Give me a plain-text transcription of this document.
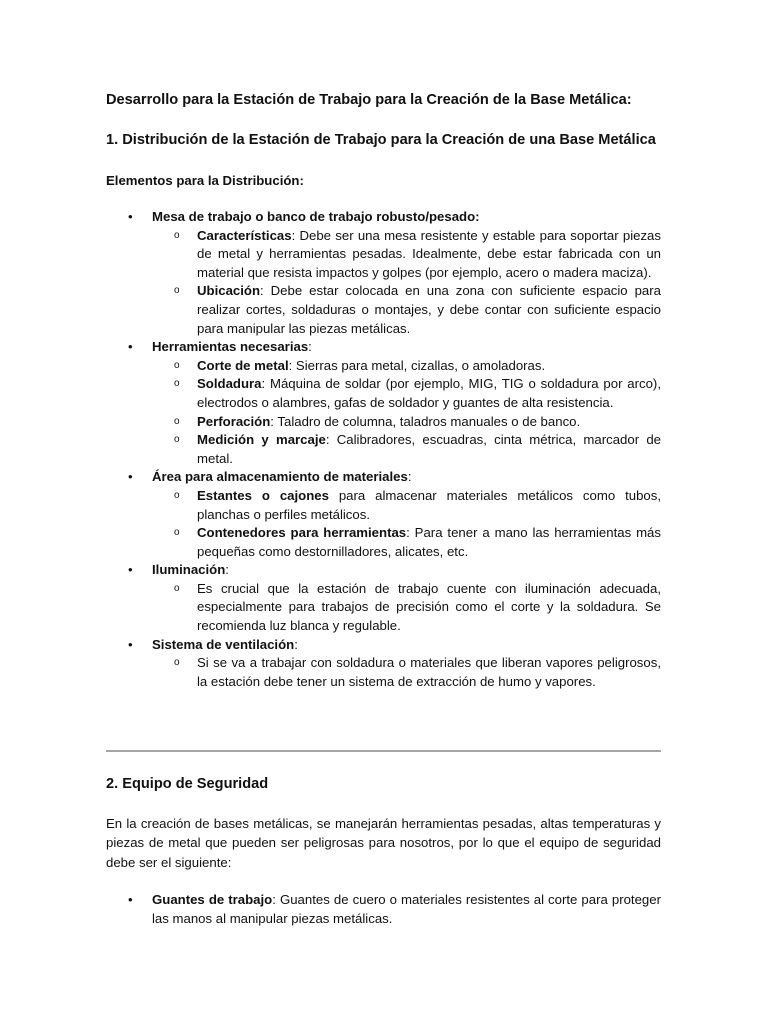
Desarrollo para la Estación de Trabajo para la Creación de la Base Metálica:

1. Distribución de la Estación de Trabajo para la Creación de una Base Metálica

Elementos para la Distribución:

• Mesa de trabajo o banco de trabajo robusto/pesado:
o Características: Debe ser una mesa resistente y estable para soportar piezas de metal y herramientas pesadas. Idealmente, debe estar fabricada con un material que resista impactos y golpes (por ejemplo, acero o madera maciza).
o Ubicación: Debe estar colocada en una zona con suficiente espacio para realizar cortes, soldaduras o montajes, y debe contar con suficiente espacio para manipular las piezas metálicas.
• Herramientas necesarias:
o Corte de metal: Sierras para metal, cizallas, o amoladoras.
o Soldadura: Máquina de soldar (por ejemplo, MIG, TIG o soldadura por arco), electrodos o alambres, gafas de soldador y guantes de alta resistencia.
o Perforación: Taladro de columna, taladros manuales o de banco.
o Medición y marcaje: Calibradores, escuadras, cinta métrica, marcador de metal.
• Área para almacenamiento de materiales:
o Estantes o cajones para almacenar materiales metálicos como tubos, planchas o perfiles metálicos.
o Contenedores para herramientas: Para tener a mano las herramientas más pequeñas como destornilladores, alicates, etc.
• Iluminación:
o Es crucial que la estación de trabajo cuente con iluminación adecuada, especialmente para trabajos de precisión como el corte y la soldadura. Se recomienda luz blanca y regulable.
• Sistema de ventilación:
o Si se va a trabajar con soldadura o materiales que liberan vapores peligrosos, la estación debe tener un sistema de extracción de humo y vapores.

2. Equipo de Seguridad

En la creación de bases metálicas, se manejarán herramientas pesadas, altas temperaturas y piezas de metal que pueden ser peligrosas para nosotros, por lo que el equipo de seguridad debe ser el siguiente:

• Guantes de trabajo: Guantes de cuero o materiales resistentes al corte para proteger las manos al manipular piezas metálicas.
